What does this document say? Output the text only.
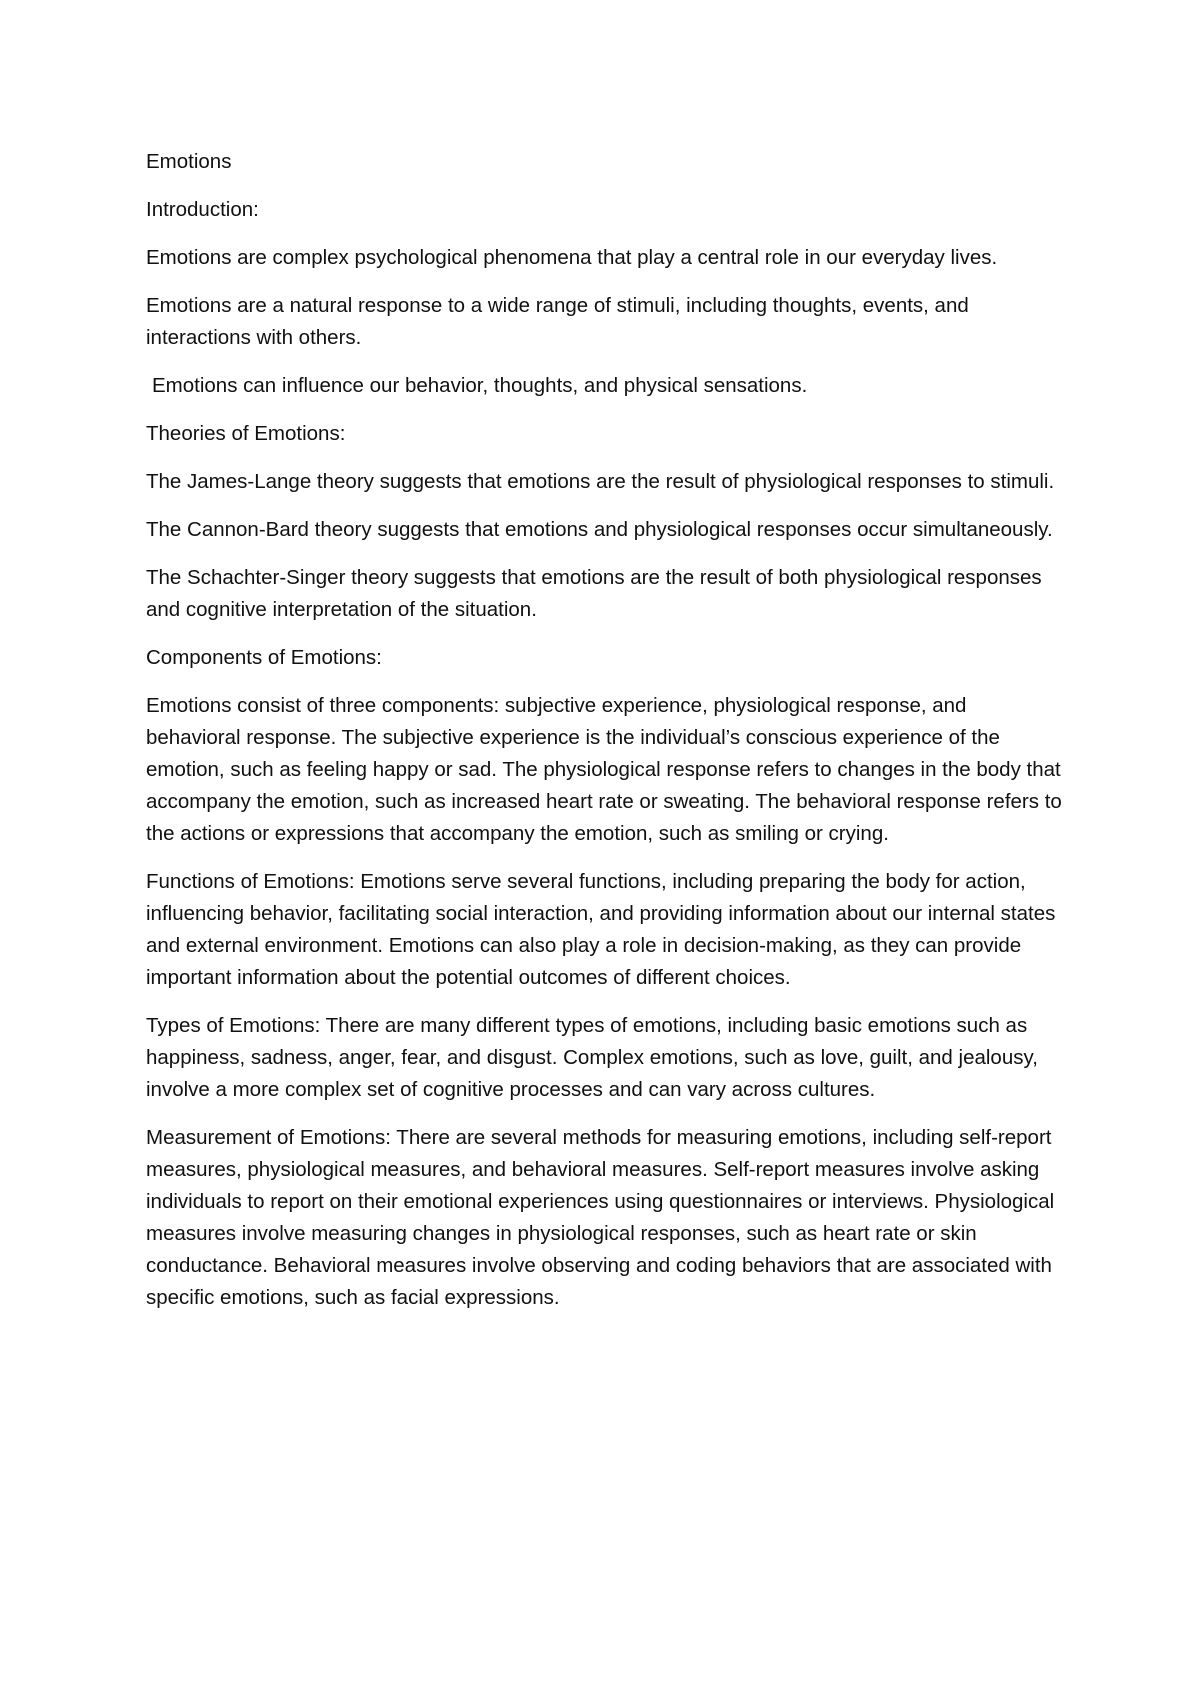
Emotions

Introduction:

Emotions are complex psychological phenomena that play a central role in our everyday lives.

Emotions are a natural response to a wide range of stimuli, including thoughts, events, and interactions with others.

Emotions can influence our behavior, thoughts, and physical sensations.

Theories of Emotions:

The James-Lange theory suggests that emotions are the result of physiological responses to stimuli.

The Cannon-Bard theory suggests that emotions and physiological responses occur simultaneously.

The Schachter-Singer theory suggests that emotions are the result of both physiological responses and cognitive interpretation of the situation.

Components of Emotions:

Emotions consist of three components: subjective experience, physiological response, and behavioral response. The subjective experience is the individual’s conscious experience of the emotion, such as feeling happy or sad. The physiological response refers to changes in the body that accompany the emotion, such as increased heart rate or sweating. The behavioral response refers to the actions or expressions that accompany the emotion, such as smiling or crying.

Functions of Emotions: Emotions serve several functions, including preparing the body for action, influencing behavior, facilitating social interaction, and providing information about our internal states and external environment. Emotions can also play a role in decision-making, as they can provide important information about the potential outcomes of different choices.

Types of Emotions: There are many different types of emotions, including basic emotions such as happiness, sadness, anger, fear, and disgust. Complex emotions, such as love, guilt, and jealousy, involve a more complex set of cognitive processes and can vary across cultures.

Measurement of Emotions: There are several methods for measuring emotions, including self-report measures, physiological measures, and behavioral measures. Self-report measures involve asking individuals to report on their emotional experiences using questionnaires or interviews. Physiological measures involve measuring changes in physiological responses, such as heart rate or skin conductance. Behavioral measures involve observing and coding behaviors that are associated with specific emotions, such as facial expressions.
